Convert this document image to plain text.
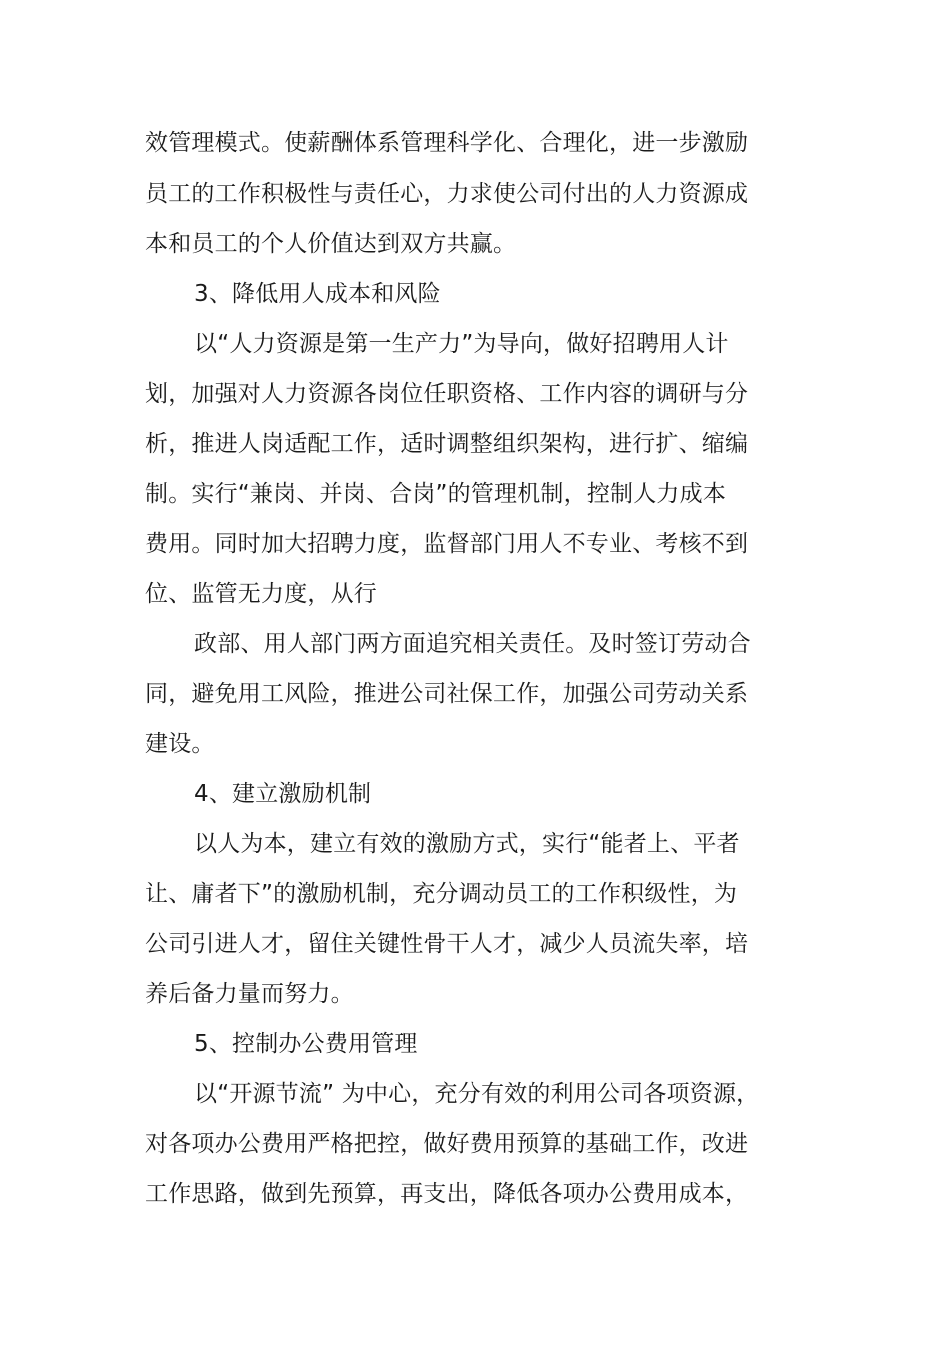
效管理模式。使薪酬体系管理科学化、合理化，进一步激励

员工的工作积极性与责任心，力求使公司付出的人力资源成

本和员工的个人价值达到双方共赢。

3、降低用人成本和风险

以“人力资源是第一生产力”为导向，做好招聘用人计

划，加强对人力资源各岗位任职资格、工作内容的调研与分

析，推进人岗适配工作，适时调整组织架构，进行扩、缩编

制。实行“兼岗、并岗、合岗”的管理机制，控制人力成本

费用。同时加大招聘力度，监督部门用人不专业、考核不到

位、监管无力度，从行

政部、用人部门两方面追究相关责任。及时签订劳动合

同，避免用工风险，推进公司社保工作，加强公司劳动关系

建设。

4、建立激励机制

以人为本，建立有效的激励方式，实行“能者上、平者

让、庸者下”的激励机制，充分调动员工的工作积级性，为

公司引进人才，留住关键性骨干人才，减少人员流失率，培

养后备力量而努力。

5、控制办公费用管理

以“开源节流” 为中心，充分有效的利用公司各项资源，

对各项办公费用严格把控，做好费用预算的基础工作，改进

工作思路，做到先预算，再支出，降低各项办公费用成本，
